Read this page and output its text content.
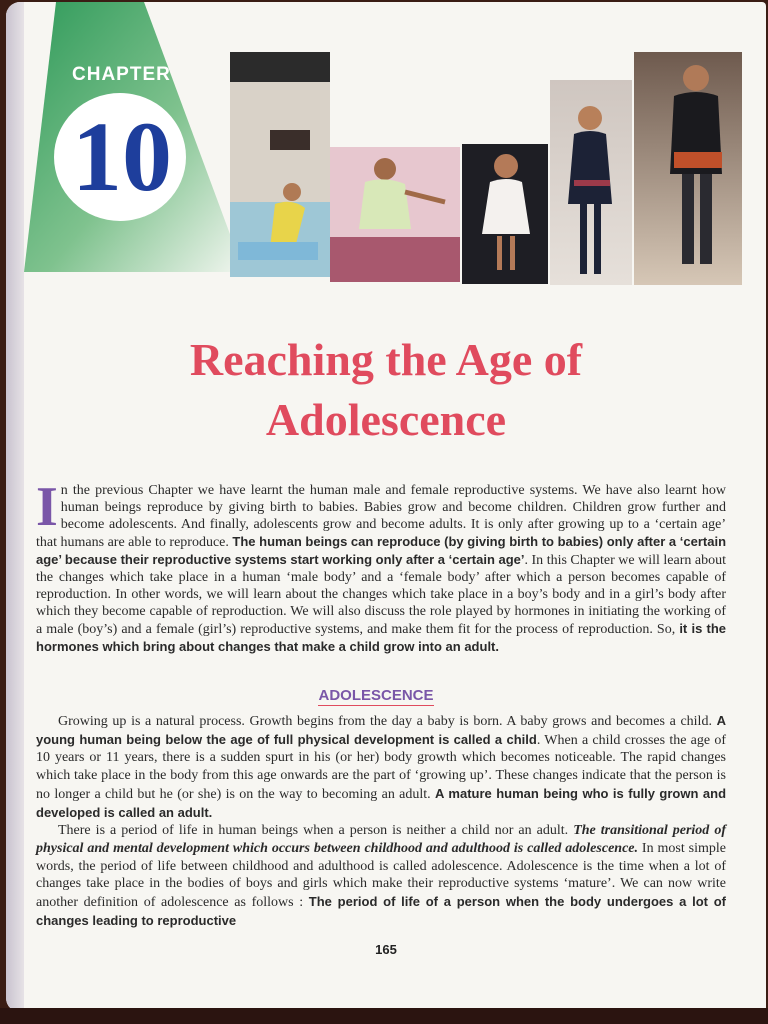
CHAPTER
10
Reaching the Age of
Adolescence
In the previous Chapter we have learnt the human male and female reproductive systems. We have also learnt how human beings reproduce by giving birth to babies. Babies grow and become children. Children grow further and become adolescents. And finally, adolescents grow and become adults. It is only after growing up to a ‘certain age’ that humans are able to reproduce. The human beings can reproduce (by giving birth to babies) only after a ‘certain age’ because their reproductive systems start working only after a ‘certain age’. In this Chapter we will learn about the changes which take place in a human ‘male body’ and a ‘female body’ after which a person becomes capable of reproduction. In other words, we will learn about the changes which take place in a boy’s body and in a girl’s body after which they become capable of reproduction. We will also discuss the role played by hormones in initiating the working of a male (boy’s) and a female (girl’s) reproductive systems, and make them fit for the process of reproduction. So, it is the hormones which bring about changes that make a child grow into an adult.
ADOLESCENCE

Growing up is a natural process. Growth begins from the day a baby is born. A baby grows and becomes a child. A young human being below the age of full physical development is called a child. When a child crosses the age of 10 years or 11 years, there is a sudden spurt in his (or her) body growth which becomes noticeable. The rapid changes which take place in the body from this age onwards are the part of ‘growing up’. These changes indicate that the person is no longer a child but he (or she) is on the way to becoming an adult. A mature human being who is fully grown and developed is called an adult.

There is a period of life in human beings when a person is neither a child nor an adult. The transitional period of physical and mental development which occurs between childhood and adulthood is called adolescence. In most simple words, the period of life between childhood and adulthood is called adolescence. Adolescence is the time when a lot of changes take place in the bodies of boys and girls which make their reproductive systems ‘mature’. We can now write another definition of adolescence as follows : The period of life of a person when the body undergoes a lot of changes leading to reproductive

165
